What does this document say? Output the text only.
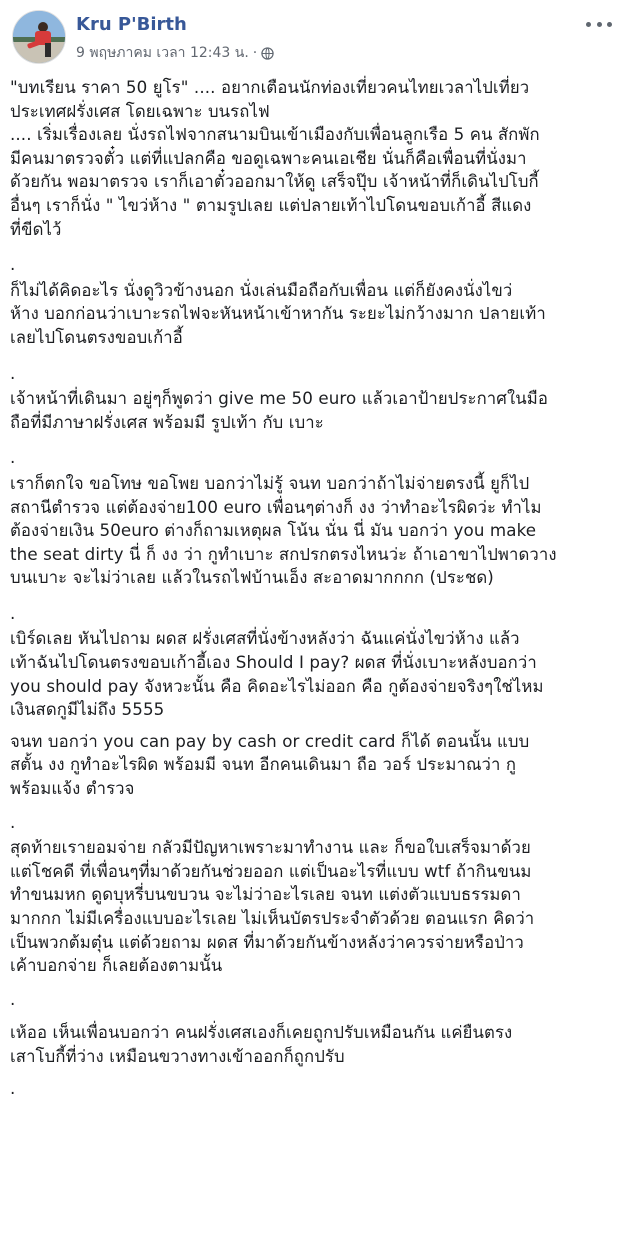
Kru P'Birth
9 พฤษภาคม เวลา 12:43 น. ·

"บทเรียน ราคา 50 ยูโร" .... อยากเตือนนักท่องเที่ยวคนไทยเวลาไปเที่ยว
ประเทศฝรั่งเศส โดยเฉพาะ บนรถไฟ
.... เริ่มเรื่องเลย นั่งรถไฟจากสนามบินเข้าเมืองกับเพื่อนลูกเรือ 5 คน สักพัก
มีคนมาตรวจตั๋ว แต่ที่แปลกคือ ขอดูเฉพาะคนเอเชีย นั่นก็คือเพื่อนที่นั่งมา
ด้วยกัน พอมาตรวจ เราก็เอาตั๋วออกมาให้ดู เสร็จปุ๊บ เจ้าหน้าที่ก็เดินไปโบกี้
อื่นๆ เราก็นั่ง " ไขว่ห้าง " ตามรูปเลย แต่ปลายเท้าไปโดนขอบเก้าอี้ สีแดง
ที่ขีดไว้

.

ก็ไม่ได้คิดอะไร นั่งดูวิวข้างนอก นั่งเล่นมือถือกับเพื่อน แต่ก็ยังคงนั่งไขว่
ห้าง บอกก่อนว่าเบาะรถไฟจะหันหน้าเข้าหากัน ระยะไม่กว้างมาก ปลายเท้า
เลยไปโดนตรงขอบเก้าอี้

.

เจ้าหน้าที่เดินมา อยู่ๆก็พูดว่า give me 50 euro แล้วเอาป้ายประกาศในมือ
ถือที่มีภาษาฝรั่งเศส พร้อมมี รูปเท้า กับ เบาะ

.

เราก็ตกใจ ขอโทษ ขอโพย บอกว่าไม่รู้ จนท บอกว่าถ้าไม่จ่ายตรงนี้ ยูก็ไป
สถานีตำรวจ แต่ต้องจ่าย100 euro เพื่อนๆต่างก็ งง ว่าทำอะไรผิดว่ะ ทำไม
ต้องจ่ายเงิน 50euro ต่างก็ถามเหตุผล โน้น นั่น นี่ มัน บอกว่า you make
the seat dirty นี่ ก็ งง ว่า กูทำเบาะ สกปรกตรงไหนว่ะ ถ้าเอาขาไปพาดวาง
บนเบาะ จะไม่ว่าเลย แล้วในรถไฟบ้านเอ็ง สะอาดมากกกก (ประชด)

.

เบิร์ดเลย หันไปถาม ผดส ฝรั่งเศสที่นั่งข้างหลังว่า ฉันแค่นั่งไขว่ห้าง แล้ว
เท้าฉันไปโดนตรงขอบเก้าอี้เอง Should I pay? ผดส ที่นั่งเบาะหลังบอกว่า
you should pay จังหวะนั้น คือ คิดอะไรไม่ออก คือ กูต้องจ่ายจริงๆใช่ไหม
เงินสดกูมีไม่ถึง 5555

จนท บอกว่า you can pay by cash or credit card ก็ได้ ตอนนั้น แบบ
สตั้น งง กูทำอะไรผิด พร้อมมี จนท อีกคนเดินมา ถือ วอร์ ประมาณว่า กู
พร้อมแจ้ง ตำรวจ

.

สุดท้ายเรายอมจ่าย กลัวมีปัญหาเพราะมาทำงาน และ ก็ขอใบเสร็จมาด้วย
แต่โชคดี ที่เพื่อนๆที่มาด้วยกันช่วยออก แต่เป็นอะไรที่แบบ wtf ถ้ากินขนม
ทำขนมหก ดูดบุหรี่บนขบวน จะไม่ว่าอะไรเลย จนท แต่งตัวแบบธรรมดา
มากกก ไม่มีเครื่องแบบอะไรเลย ไม่เห็นบัตรประจำตัวด้วย ตอนแรก คิดว่า
เป็นพวกต้มตุ๋น แต่ด้วยถาม ผดส ที่มาด้วยกันข้างหลังว่าควรจ่ายหรือป่าว
เค้าบอกจ่าย ก็เลยต้องตามนั้น

.

เห้ออ เห็นเพื่อนบอกว่า คนฝรั่งเศสเองก็เคยถูกปรับเหมือนกัน แค่ยืนตรง
เสาโบกี้ที่ว่าง เหมือนขวางทางเข้าออกก็ถูกปรับ

.
